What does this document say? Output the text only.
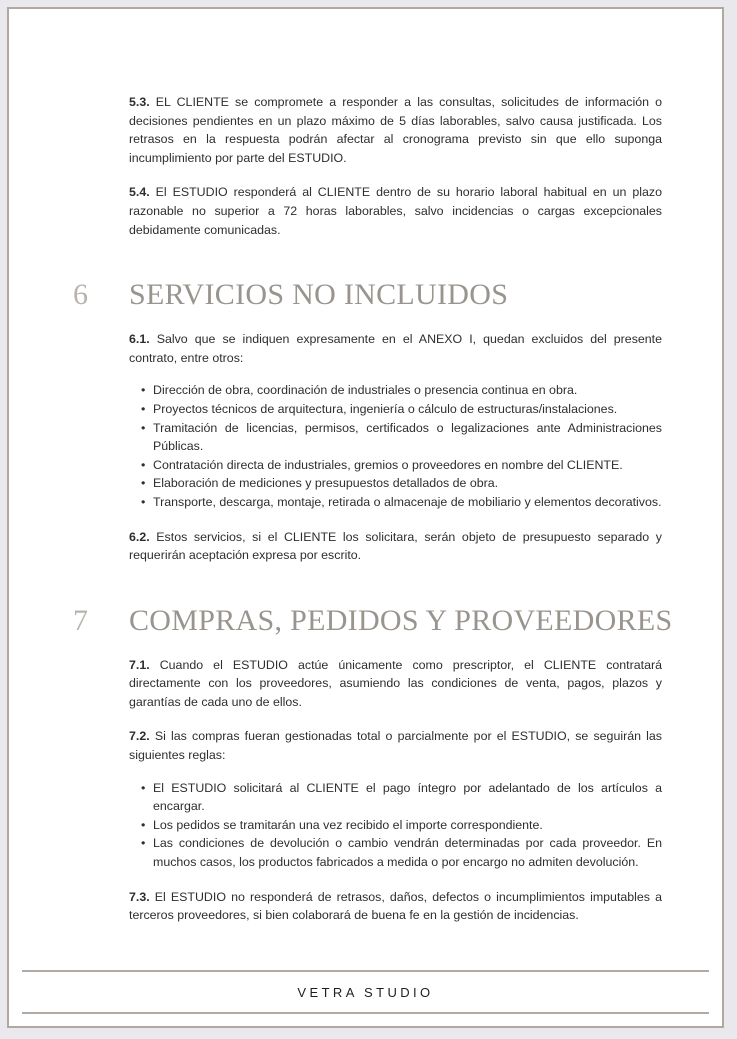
5.3. EL CLIENTE se compromete a responder a las consultas, solicitudes de información o decisiones pendientes en un plazo máximo de 5 días laborables, salvo causa justificada. Los retrasos en la respuesta podrán afectar al cronograma previsto sin que ello suponga incumplimiento por parte del ESTUDIO.

5.4. El ESTUDIO responderá al CLIENTE dentro de su horario laboral habitual en un plazo razonable no superior a 72 horas laborables, salvo incidencias o cargas excepcionales debidamente comunicadas.

6	SERVICIOS NO INCLUIDOS

6.1. Salvo que se indiquen expresamente en el ANEXO I, quedan excluidos del presente contrato, entre otros:

• Dirección de obra, coordinación de industriales o presencia continua en obra.
• Proyectos técnicos de arquitectura, ingeniería o cálculo de estructuras/instalaciones.
• Tramitación de licencias, permisos, certificados o legalizaciones ante Administraciones Públicas.
• Contratación directa de industriales, gremios o proveedores en nombre del CLIENTE.
• Elaboración de mediciones y presupuestos detallados de obra.
• Transporte, descarga, montaje, retirada o almacenaje de mobiliario y elementos decorativos.

6.2. Estos servicios, si el CLIENTE los solicitara, serán objeto de presupuesto separado y requerirán aceptación expresa por escrito.

7	COMPRAS, PEDIDOS Y PROVEEDORES

7.1. Cuando el ESTUDIO actúe únicamente como prescriptor, el CLIENTE contratará directamente con los proveedores, asumiendo las condiciones de venta, pagos, plazos y garantías de cada uno de ellos.

7.2. Si las compras fueran gestionadas total o parcialmente por el ESTUDIO, se seguirán las siguientes reglas:

• El ESTUDIO solicitará al CLIENTE el pago íntegro por adelantado de los artículos a encargar.
• Los pedidos se tramitarán una vez recibido el importe correspondiente.
• Las condiciones de devolución o cambio vendrán determinadas por cada proveedor. En muchos casos, los productos fabricados a medida o por encargo no admiten devolución.

7.3. El ESTUDIO no responderá de retrasos, daños, defectos o incumplimientos imputables a terceros proveedores, si bien colaborará de buena fe en la gestión de incidencias.

VETRA STUDIO
